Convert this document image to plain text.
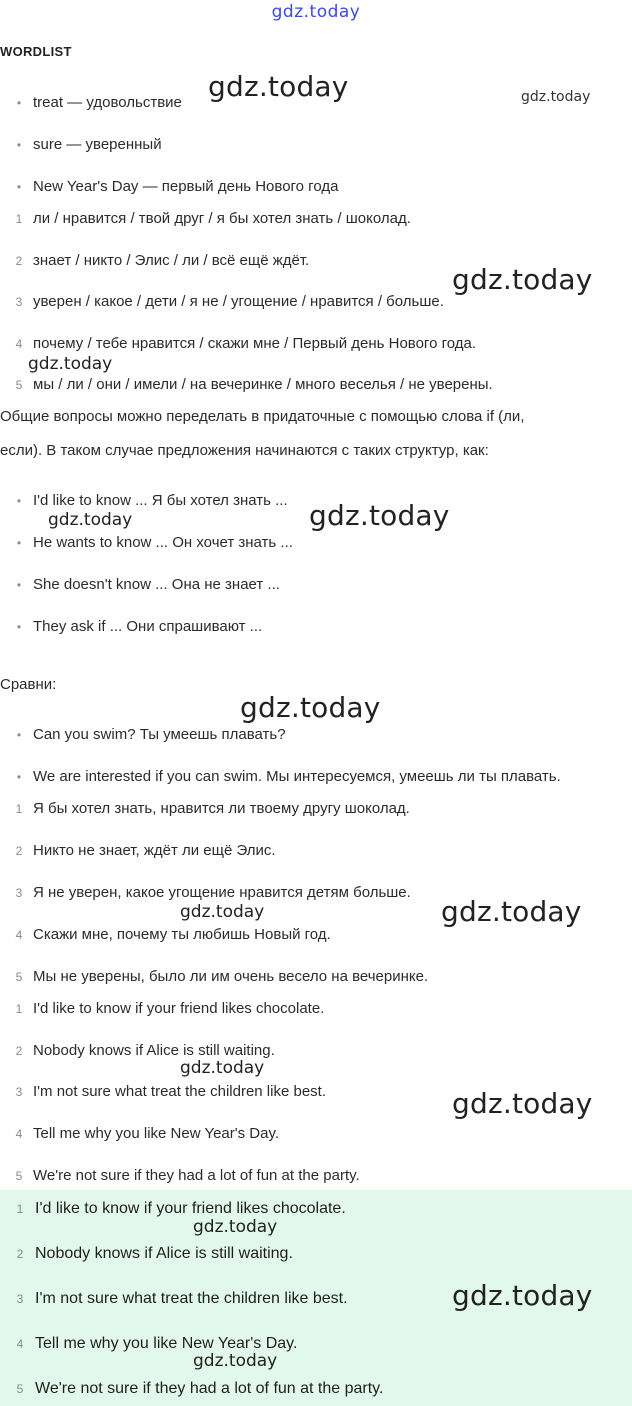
gdz.today
WORDLIST
• treat — удовольствие
• sure — уверенный
• New Year's Day — первый день Нового года
1 ли / нравится / твой друг / я бы хотел знать / шоколад.
2 знает / никто / Элис / ли / всё ещё ждёт.
3 уверен / какое / дети / я не / угощение / нравится / больше.
4 почему / тебе нравится / скажи мне / Первый день Нового года.
5 мы / ли / они / имели / на вечеринке / много веселья / не уверены.
Общие вопросы можно переделать в придаточные с помощью слова if (ли,
если). В таком случае предложения начинаются с таких структур, как:
• I'd like to know ... Я бы хотел знать ...
• He wants to know ... Он хочет знать ...
• She doesn't know ... Она не знает ...
• They ask if ... Они спрашивают ...
Сравни:
• Can you swim? Ты умеешь плавать?
• We are interested if you can swim. Мы интересуемся, умеешь ли ты плавать.
1 Я бы хотел знать, нравится ли твоему другу шоколад.
2 Никто не знает, ждёт ли ещё Элис.
3 Я не уверен, какое угощение нравится детям больше.
4 Скажи мне, почему ты любишь Новый год.
5 Мы не уверены, было ли им очень весело на вечеринке.
1 I'd like to know if your friend likes chocolate.
2 Nobody knows if Alice is still waiting.
3 I'm not sure what treat the children like best.
4 Tell me why you like New Year's Day.
5 We're not sure if they had a lot of fun at the party.
1 I'd like to know if your friend likes chocolate.
2 Nobody knows if Alice is still waiting.
3 I'm not sure what treat the children like best.
4 Tell me why you like New Year's Day.
5 We're not sure if they had a lot of fun at the party.
gdz.today	gdz.today
gdz.today
gdz.today
gdz.today	gdz.today
gdz.today
gdz.today	gdz.today
gdz.today
gdz.today
gdz.today
gdz.today
gdz.today
